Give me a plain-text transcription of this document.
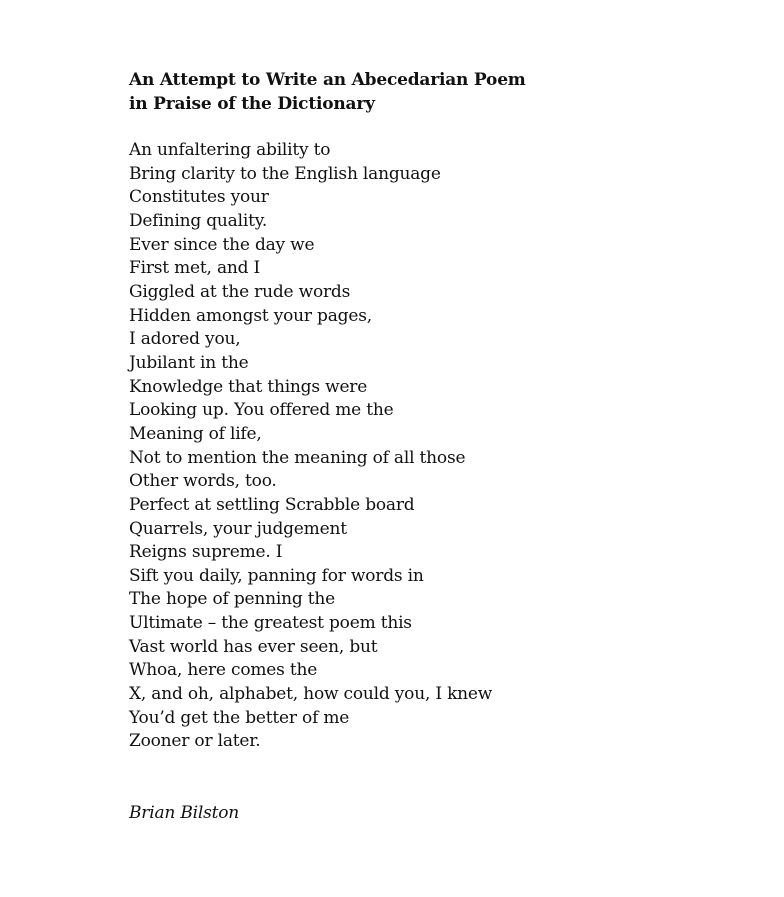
An Attempt to Write an Abecedarian Poem
in Praise of the Dictionary
An unfaltering ability to
Bring clarity to the English language
Constitutes your
Defining quality.
Ever since the day we
First met, and I
Giggled at the rude words
Hidden amongst your pages,
I adored you,
Jubilant in the
Knowledge that things were
Looking up. You offered me the
Meaning of life,
Not to mention the meaning of all those
Other words, too.
Perfect at settling Scrabble board
Quarrels, your judgement
Reigns supreme. I
Sift you daily, panning for words in
The hope of penning the
Ultimate – the greatest poem this
Vast world has ever seen, but
Whoa, here comes the
X, and oh, alphabet, how could you, I knew
You’d get the better of me
Zooner or later.
Brian Bilston
